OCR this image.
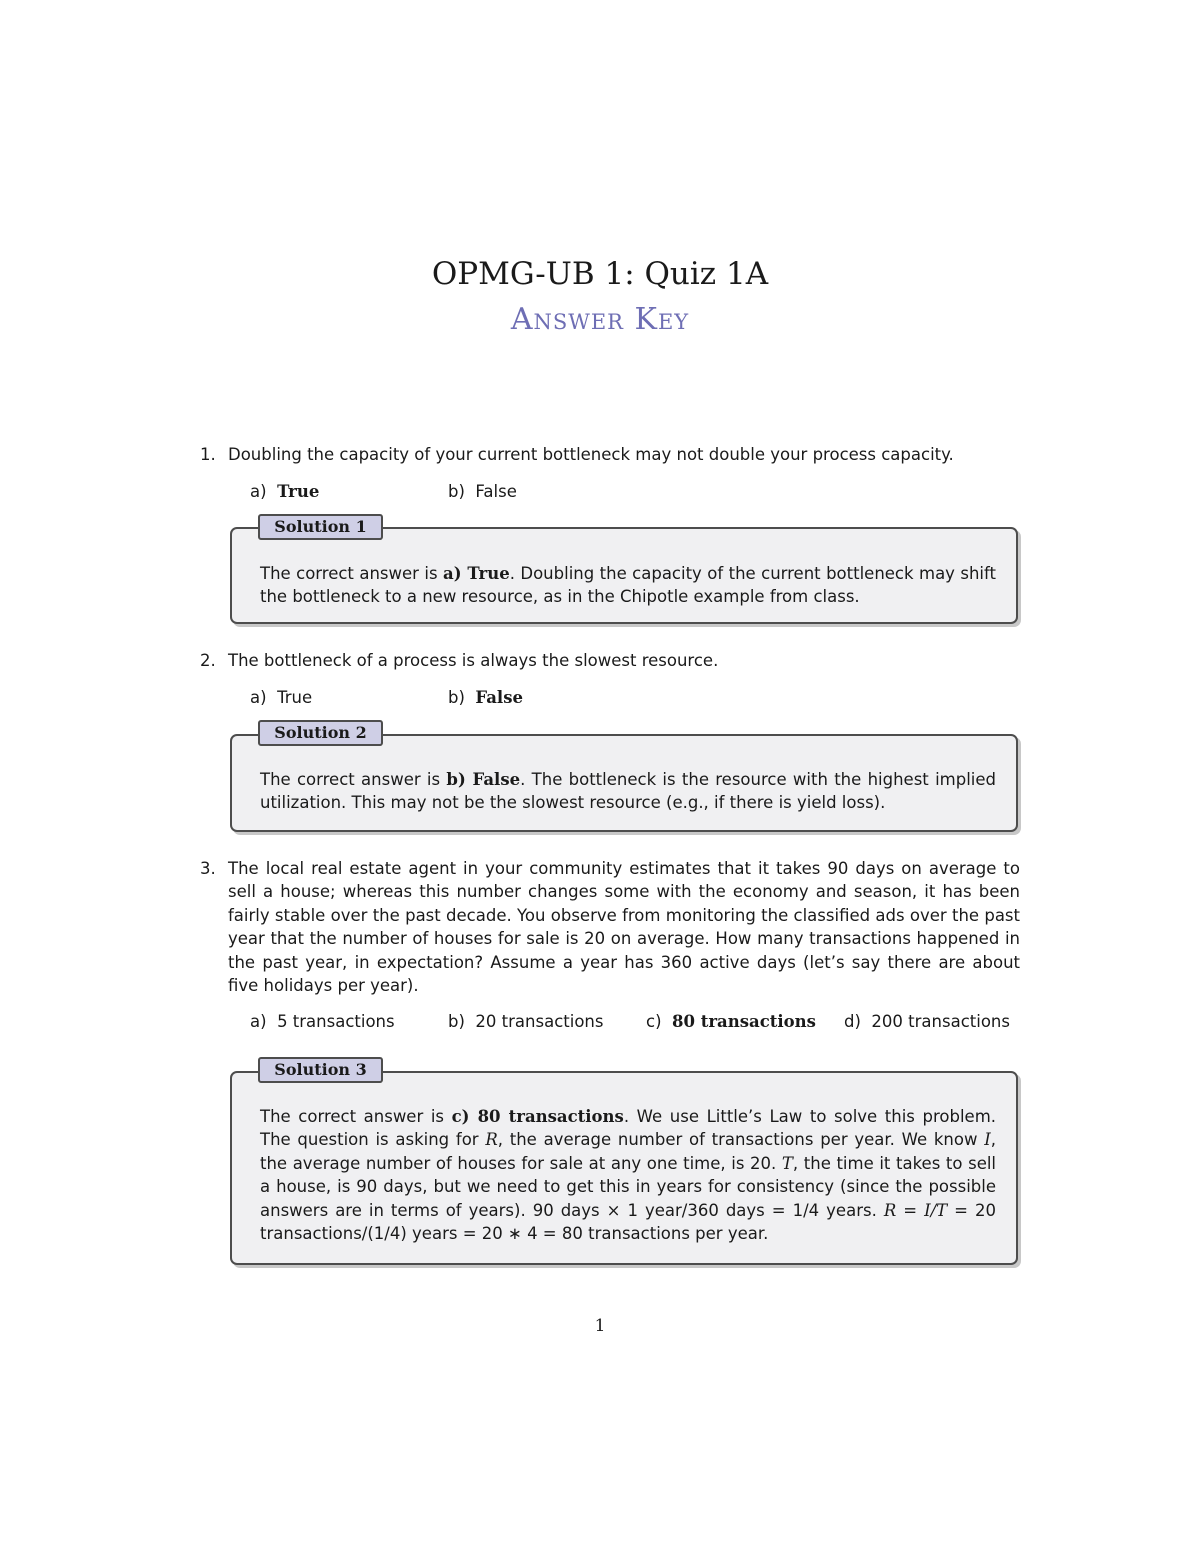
OPMG-UB 1: Quiz 1A
Answer Key
1. Doubling the capacity of your current bottleneck may not double your process capacity.
a) True	b) False
Solution 1
The correct answer is a) True. Doubling the capacity of the current bottleneck may shift the bottleneck to a new resource, as in the Chipotle example from class.
2. The bottleneck of a process is always the slowest resource.
a) True	b) False
Solution 2
The correct answer is b) False. The bottleneck is the resource with the highest implied utilization. This may not be the slowest resource (e.g., if there is yield loss).
3. The local real estate agent in your community estimates that it takes 90 days on average to sell a house; whereas this number changes some with the economy and season, it has been fairly stable over the past decade. You observe from monitoring the classified ads over the past year that the number of houses for sale is 20 on average. How many transactions happened in the past year, in expectation? Assume a year has 360 active days (let’s say there are about five holidays per year).
a) 5 transactions	b) 20 transactions	c) 80 transactions d) 200 transactions
Solution 3
The correct answer is c) 80 transactions. We use Little’s Law to solve this problem. The question is asking for R, the average number of transactions per year. We know I, the average number of houses for sale at any one time, is 20. T, the time it takes to sell a house, is 90 days, but we need to get this in years for consistency (since the possible answers are in terms of years). 90 days × 1 year/360 days = 1/4 years. R = I/T = 20 transactions/(1/4) years = 20 ∗ 4 = 80 transactions per year.
1
